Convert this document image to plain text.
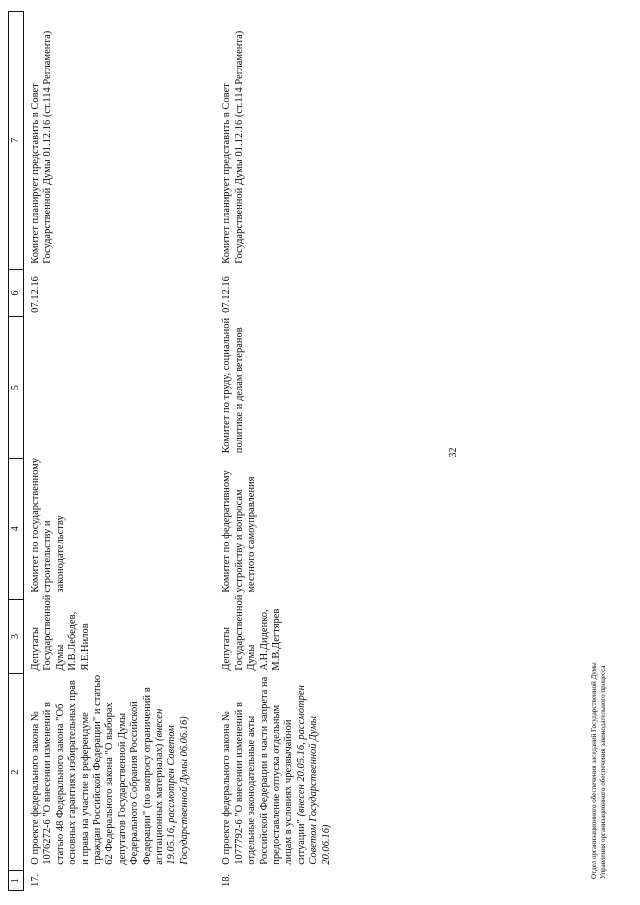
1
2
3
4
5
6
7
17.
О проекте федерального закона № 1076272-6 "О внесении изменений в статью 48 Федерального закона "Об основных гарантиях избирательных прав и права на участие в референдуме граждан Российской Федерации" и статью 62 Федерального закона "О выборах депутатов Государственной Думы Федерального Собрания Российской Федерации" (по вопросу ограничений в агитационных материалах) (внесен 19.05.16, рассмотрен Советом Государственной Думы 06.06.16)
Депутаты Государственной Думы И.В.Лебедев, Я.Е.Нилов
Комитет по государственному строительству и законодательству
07.12.16
Комитет планирует представить в Совет Государственной Думы 01.12.16 (ст.114 Регламента)
18.
О проекте федерального закона № 1077792-6 "О внесении изменений в отдельные законодательные акты Российской Федерации в части запрета на предоставление отпуска отдельным лицам в условиях чрезвычайной ситуации" (внесен 20.05.16, рассмотрен Советом Государственной Думы 20.06.16)
Депутаты Государственной Думы А.Н.Диденко, М.В.Дегтярев
Комитет по федеративному устройству и вопросам местного самоуправления
Комитет по труду, социальной политике и делам ветеранов
07.12.16
Комитет планирует представить в Совет Государственной Думы 01.12.16 (ст.114 Регламента)
32
Отдел организационного обеспечения заседаний Государственной Думы Управления организационного обеспечения законодательного процесса
